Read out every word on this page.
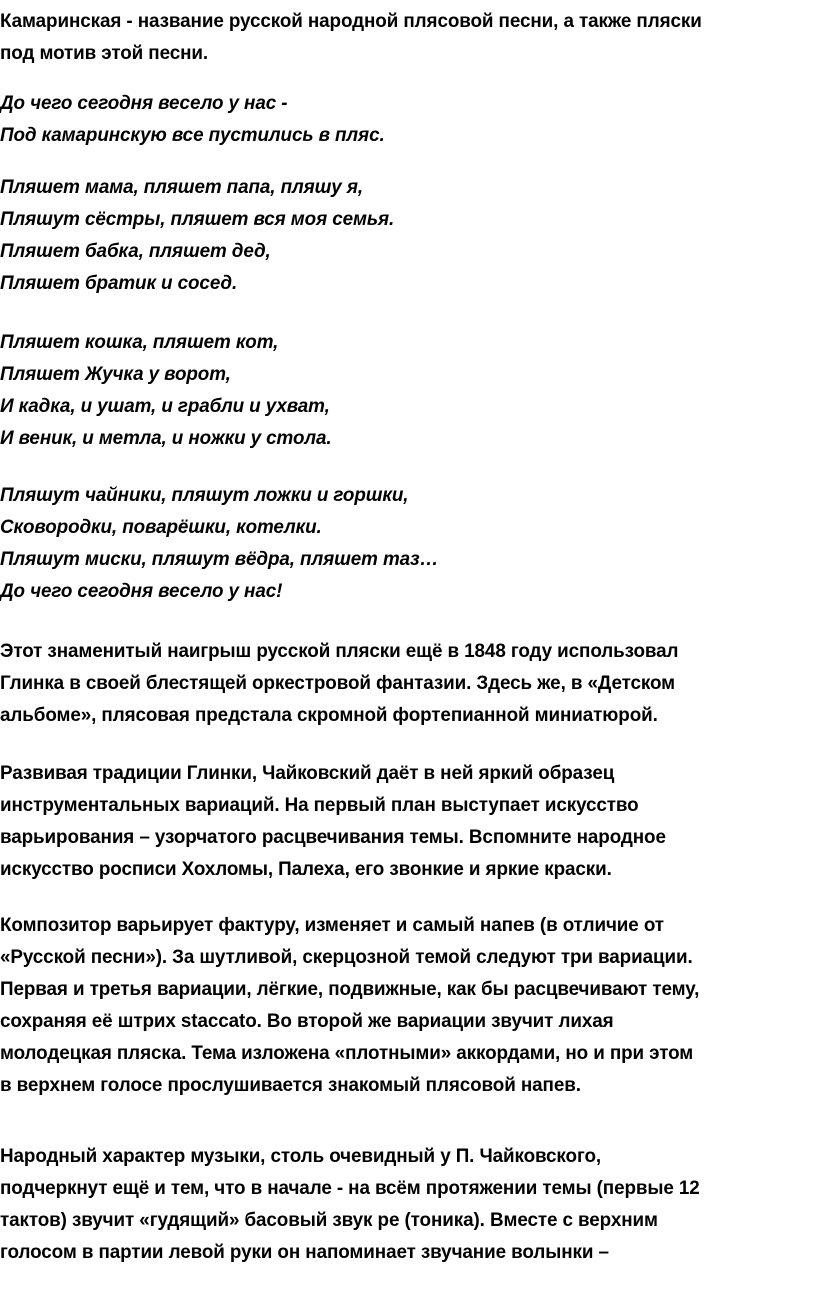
Камаринская - название русской народной плясовой песни, а также пляски
под мотив этой песни.
До чего сегодня весело у нас -
Под камаринскую все пустились в пляс.
Пляшет мама, пляшет папа, пляшу я,
Пляшут сёстры, пляшет вся моя семья.
Пляшет бабка, пляшет дед,
Пляшет братик и сосед.
Пляшет кошка, пляшет кот,
Пляшет Жучка у ворот,
И кадка, и ушат, и грабли и ухват,
И веник, и метла, и ножки у стола.
Пляшут чайники, пляшут ложки и горшки,
Сковородки, поварёшки, котелки.
Пляшут миски, пляшут вёдра, пляшет таз…
До чего сегодня весело у нас!
Этот знаменитый наигрыш русской пляски ещё в 1848 году использовал
Глинка в своей блестящей оркестровой фантазии. Здесь же, в «Детском
альбоме», плясовая предстала скромной фортепианной миниатюрой.
Развивая традиции Глинки, Чайковский даёт в ней яркий образец
инструментальных вариаций. На первый план выступает искусство
варьирования – узорчатого расцвечивания темы. Вспомните народное
искусство росписи Хохломы, Палеха, его звонкие и яркие краски.
Композитор варьирует фактуру, изменяет и самый напев (в отличие от
«Русской песни»). За шутливой, скерцозной темой следуют три вариации.
Первая и третья вариации, лёгкие, подвижные, как бы расцвечивают тему,
сохраняя её штрих staccato. Во второй же вариации звучит лихая
молодецкая пляска. Тема изложена «плотными» аккордами, но и при этом
в верхнем голосе прослушивается знакомый плясовой напев.
Народный характер музыки, столь очевидный у П. Чайковского,
подчеркнут ещё и тем, что в начале - на всём протяжении темы (первые 12
тактов) звучит «гудящий» басовый звук ре (тоника). Вместе с верхним
голосом в партии левой руки он напоминает звучание волынки –
